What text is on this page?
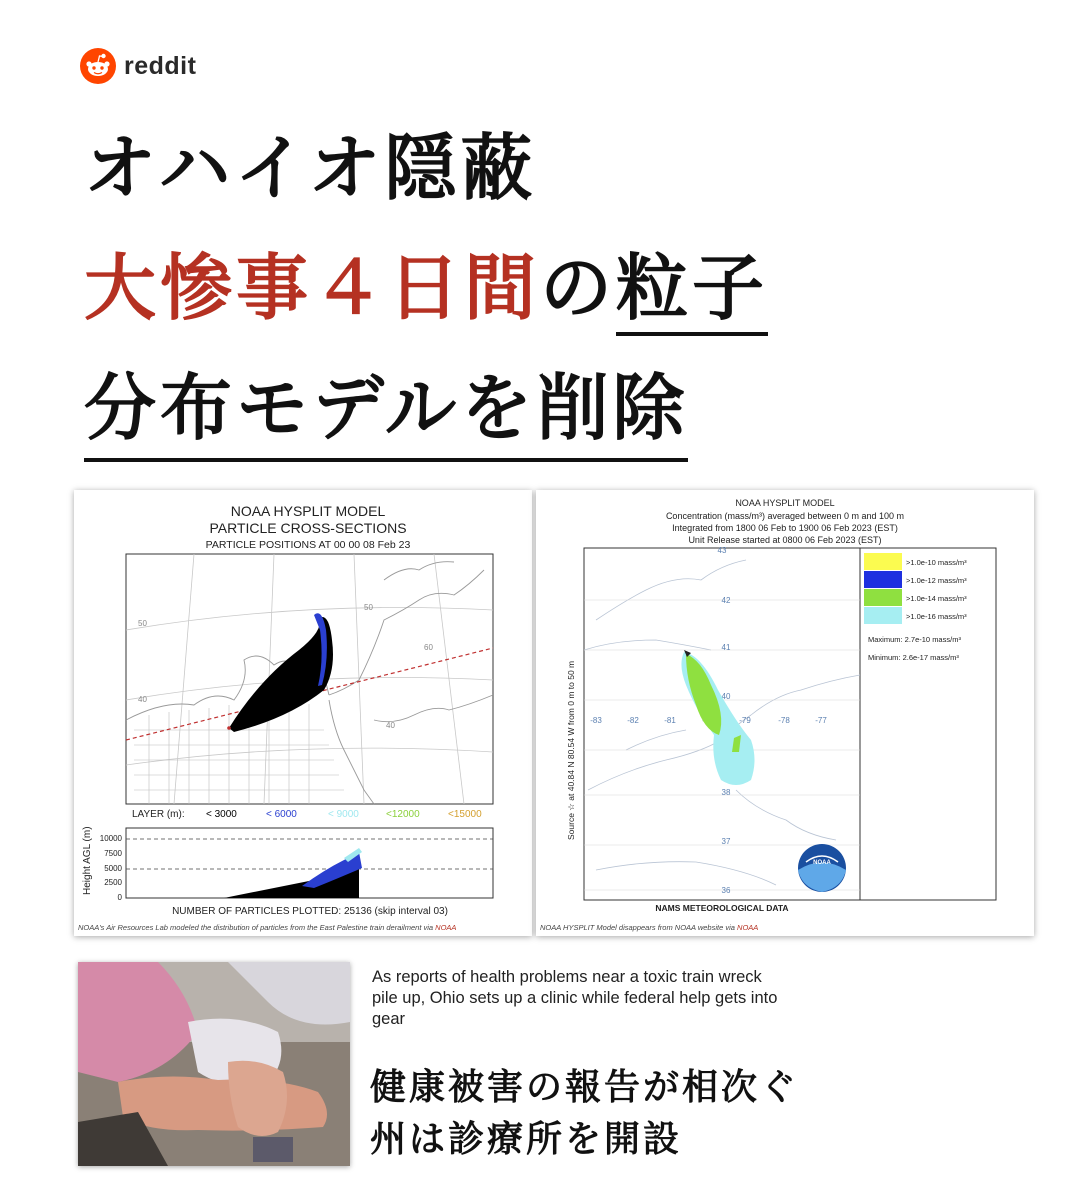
reddit
オハイオ隠蔽
大惨事４日間の粒子
分布モデルを削除
NOAA HYSPLIT MODEL
PARTICLE CROSS-SECTIONS
PARTICLE POSITIONS AT 00 00 08 Feb 23
50
40
60
50
40
LAYER (m): < 3000	< 6000	< 9000	<12000	<15000
Height AGL (m) 10000
7500
5000
2500
0
NUMBER OF PARTICLES PLOTTED: 25136 (skip interval 03)
NOAA's Air Resources Lab modeled the distribution of particles from the East Palestine train derailment via NOAA
NOAA HYSPLIT MODEL
Concentration (mass/m³) averaged between 0 m and 100 m
Integrated from 1800 06 Feb to 1900 06 Feb 2023 (EST)
Unit Release started at 0800 06 Feb 2023 (EST)
43
42
41
40
38
37
36
-83	-82	-81	-79	-78	-77
Source ☆ at 40.84 N 80.54 W from 0 m to 50 m
NOAA
>1.0e-10 mass/m³
>1.0e-12 mass/m³
>1.0e-14 mass/m³
>1.0e-16 mass/m³
Maximum: 2.7e-10 mass/m³
Minimum: 2.6e-17 mass/m³
NAMS METEOROLOGICAL DATA
NOAA HYSPLIT Model disappears from NOAA website via NOAA
As reports of health problems near a toxic train wreck pile up, Ohio sets up a clinic while federal help gets into gear
健康被害の報告が相次ぐ
州は診療所を開設
